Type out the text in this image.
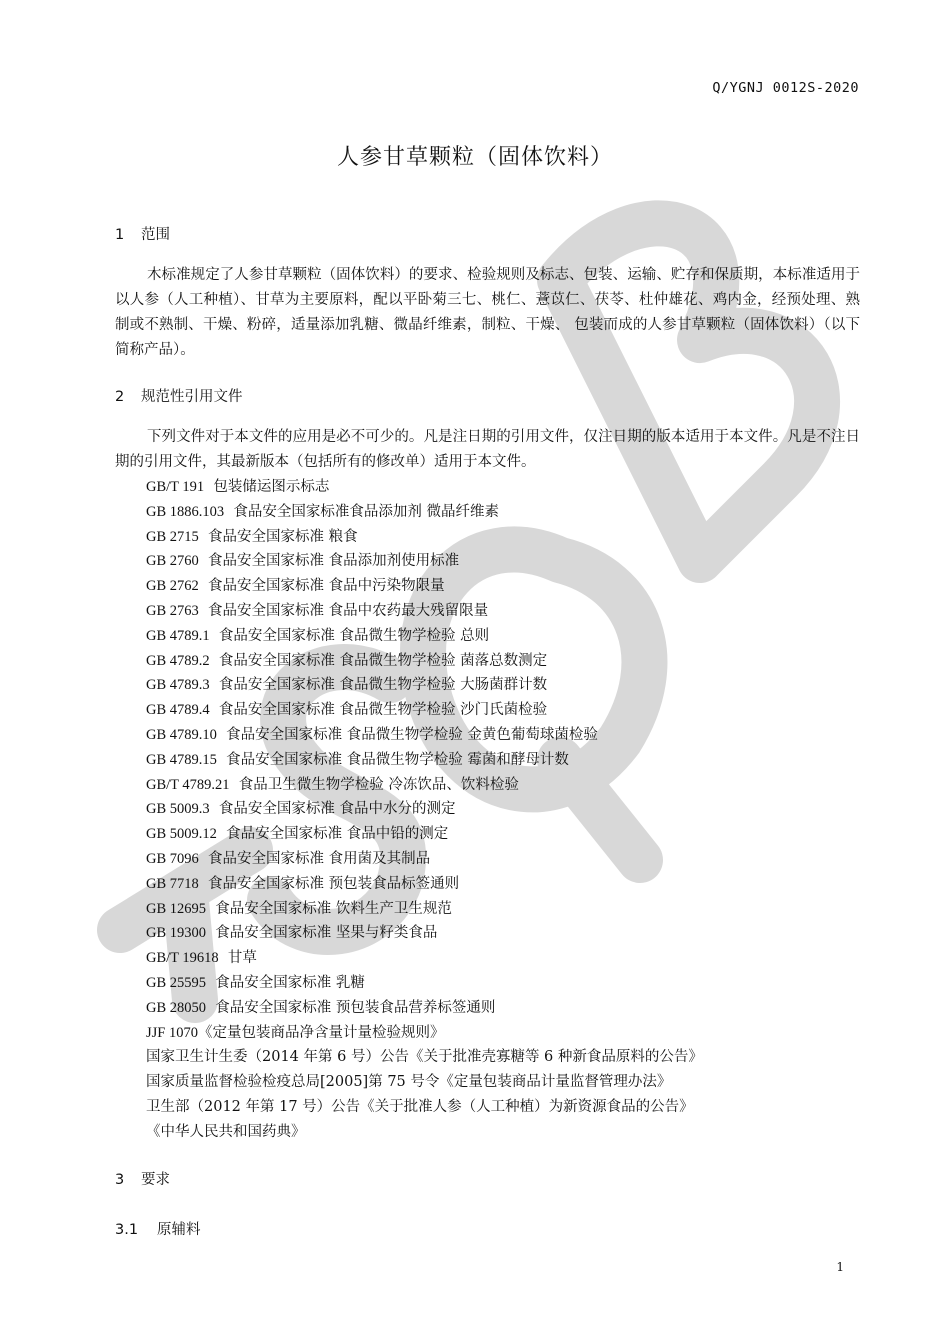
Q/YGNJ 0012S-2020
人参甘草颗粒（固体饮料）
1 范围

木标准规定了人参甘草颗粒（固体饮料）的要求、检验规则及标志、包装、运输、贮存和保质期，本标准适用于以人参（人工种植）、甘草为主要原料，配以平卧菊三七、桃仁、薏苡仁、茯苓、杜仲雄花、鸡内金，经预处理、熟制或不熟制、干燥、粉碎，适量添加乳糖、微晶纤维素，制粒、干燥、 包装而成的人参甘草颗粒（固体饮料）（以下简称产品）。

2 规范性引用文件

下列文件对于本文件的应用是必不可少的。凡是注日期的引用文件，仅注日期的版本适用于本文件。凡是不注日期的引用文件，其最新版本（包括所有的修改单）适用于本文件。

GB/T 191 包装储运图示标志
GB 1886.103 食品安全国家标准食品添加剂 微晶纤维素
GB 2715 食品安全国家标准 粮食
GB 2760 食品安全国家标准 食品添加剂使用标准
GB 2762 食品安全国家标准 食品中污染物限量
GB 2763 食品安全国家标准 食品中农药最大残留限量
GB 4789.1 食品安全国家标准 食品微生物学检验 总则
GB 4789.2 食品安全国家标准 食品微生物学检验 菌落总数测定
GB 4789.3 食品安全国家标准 食品微生物学检验 大肠菌群计数
GB 4789.4 食品安全国家标准 食品微生物学检验 沙门氏菌检验
GB 4789.10 食品安全国家标准 食品微生物学检验 金黄色葡萄球菌检验
GB 4789.15 食品安全国家标准 食品微生物学检验 霉菌和酵母计数
GB/T 4789.21 食品卫生微生物学检验 冷冻饮品、饮料检验
GB 5009.3 食品安全国家标准 食品中水分的测定
GB 5009.12 食品安全国家标准 食品中铅的测定
GB 7096 食品安全国家标准 食用菌及其制品
GB 7718 食品安全国家标准 预包装食品标签通则
GB 12695 食品安全国家标准 饮料生产卫生规范
GB 19300 食品安全国家标准 坚果与籽类食品
GB/T 19618 甘草
GB 25595 食品安全国家标准 乳糖
GB 28050 食品安全国家标准 预包装食品营养标签通则
JJF 1070《定量包装商品净含量计量检验规则》
国家卫生计生委（2014 年第 6 号）公告《关于批准壳寡糖等 6 种新食品原料的公告》
国家质量监督检验检疫总局[2005]第 75 号令《定量包装商品计量监督管理办法》
卫生部（2012 年第 17 号）公告《关于批准人参（人工种植）为新资源食品的公告》
《中华人民共和国药典》
3 要求
3.1 原辅料
1
